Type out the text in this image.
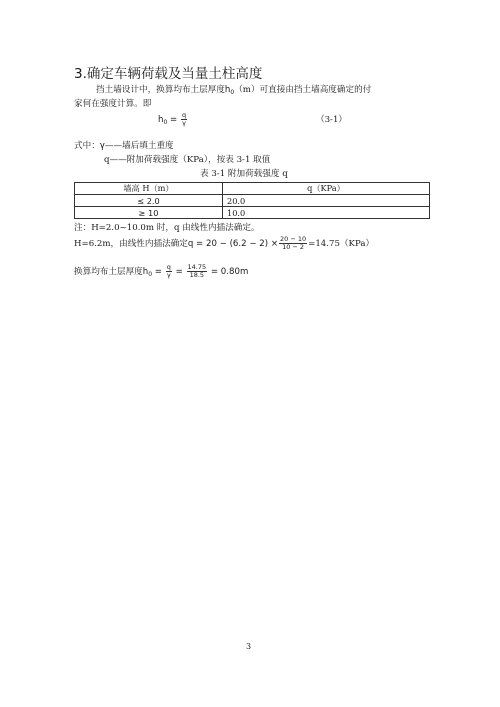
3.确定车辆荷载及当量土柱高度
挡土墙设计中，换算均布土层厚度$h_0(m)$可直接由挡土墙高度确定的付
家何在强度计算。即
$h_0 = \frac{q}{\gamma}$	（3-1）
式中：γ——墙后填土重度
q——附加荷载强度（KPa），按表 3-1 取值
表 3-1 附加荷载强度 q
墙高 H（m）	q（KPa）
≤ 2.0	20.0
≥ 10	10.0
注：H=2.0~10.0m 时，q 由线性内插法确定。
H=6.2m，由线性内插法确定$q = 20 - (6.2 - 2) \times \frac{20 - 10}{10 - 2} =14.75(KPa)$
换算均布土层厚度$h_0 = \frac{q}{\gamma} = \frac{14.75}{18.5} = 0.80m$
3
